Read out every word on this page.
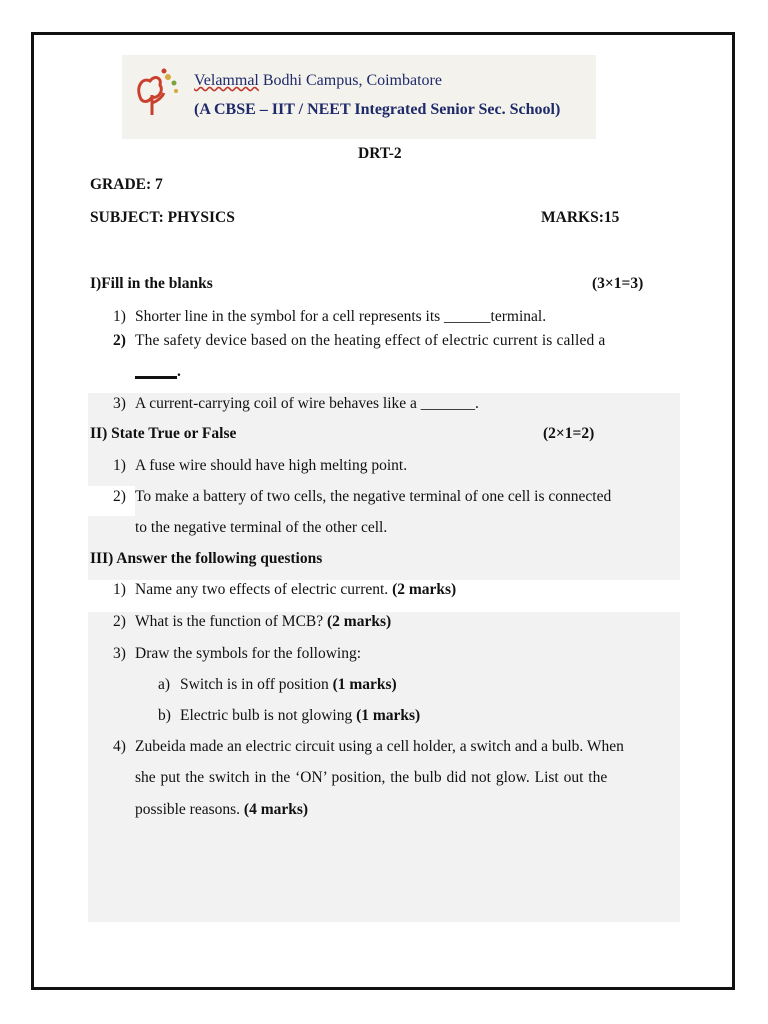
Velammal Bodhi Campus, Coimbatore
(A CBSE – IIT / NEET Integrated Senior Sec. School)
DRT-2
GRADE: 7
SUBJECT: PHYSICS	MARKS:15
I)Fill in the blanks	(3×1=3)
1) Shorter line in the symbol for a cell represents its ______terminal.
2) The safety device based on the heating effect of electric current is called a
.
3) A current-carrying coil of wire behaves like a _______.
II) State True or False	(2×1=2)
1) A fuse wire should have high melting point.
2) To make a battery of two cells, the negative terminal of one cell is connected
to the negative terminal of the other cell.
III) Answer the following questions
1) Name any two effects of electric current. (2 marks)
2) What is the function of MCB? (2 marks)
3) Draw the symbols for the following:
a) Switch is in off position (1 marks)
b) Electric bulb is not glowing (1 marks)
4) Zubeida made an electric circuit using a cell holder, a switch and a bulb. When
she put the switch in the ‘ON’ position, the bulb did not glow. List out the
possible reasons. (4 marks)
